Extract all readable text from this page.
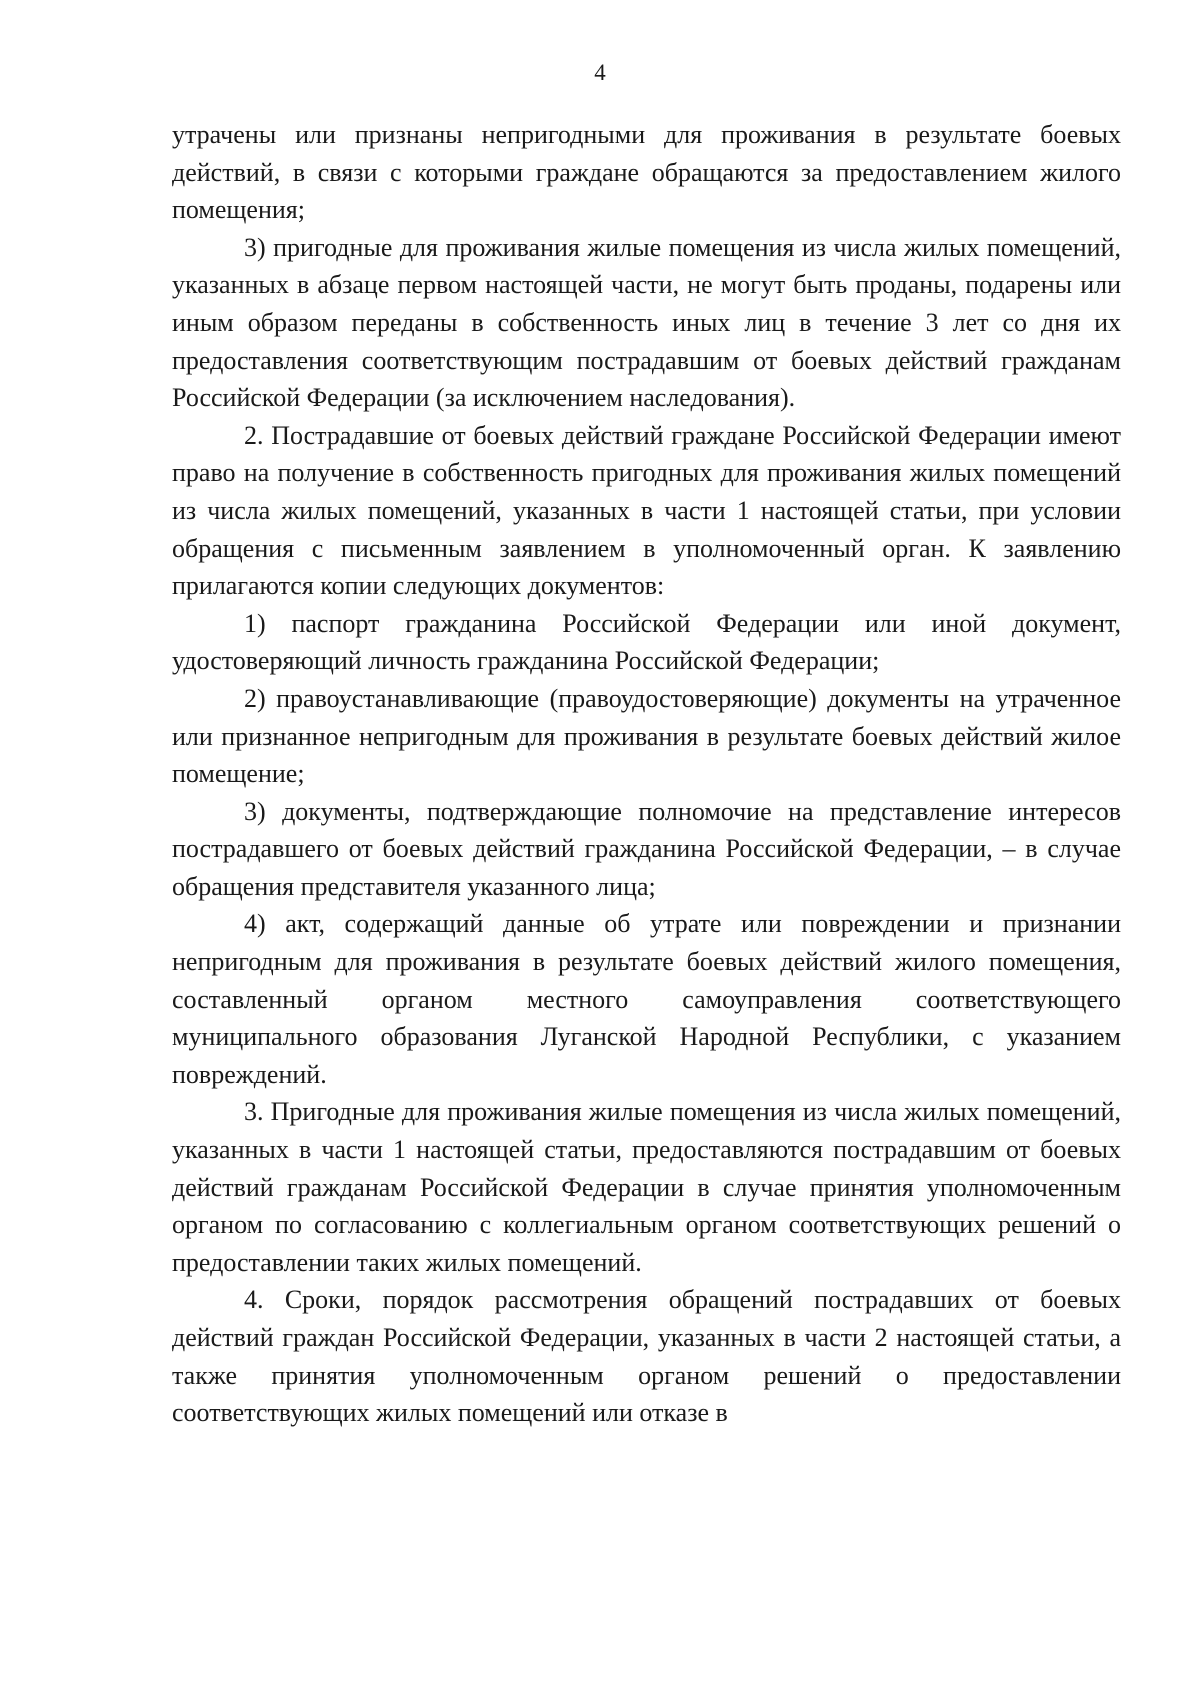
4

утрачены или признаны непригодными для проживания в результате боевых действий, в связи с которыми граждане обращаются за предоставлением жилого помещения;

3) пригодные для проживания жилые помещения из числа жилых помещений, указанных в абзаце первом настоящей части, не могут быть проданы, подарены или иным образом переданы в собственность иных лиц в течение 3 лет со дня их предоставления соответствующим пострадавшим от боевых действий гражданам Российской Федерации (за исключением наследования).

2. Пострадавшие от боевых действий граждане Российской Федерации имеют право на получение в собственность пригодных для проживания жилых помещений из числа жилых помещений, указанных в части 1 настоящей статьи, при условии обращения с письменным заявлением в уполномоченный орган. К заявлению прилагаются копии следующих документов:

1) паспорт гражданина Российской Федерации или иной документ, удостоверяющий личность гражданина Российской Федерации;

2) правоустанавливающие (правоудостоверяющие) документы на утраченное или признанное непригодным для проживания в результате боевых действий жилое помещение;

3) документы, подтверждающие полномочие на представление интересов пострадавшего от боевых действий гражданина Российской Федерации, – в случае обращения представителя указанного лица;

4) акт, содержащий данные об утрате или повреждении и признании непригодным для проживания в результате боевых действий жилого помещения, составленный органом местного самоуправления соответствующего муниципального образования Луганской Народной Республики, с указанием повреждений.

3. Пригодные для проживания жилые помещения из числа жилых помещений, указанных в части 1 настоящей статьи, предоставляются пострадавшим от боевых действий гражданам Российской Федерации в случае принятия уполномоченным органом по согласованию с коллегиальным органом соответствующих решений о предоставлении таких жилых помещений.

4. Сроки, порядок рассмотрения обращений пострадавших от боевых действий граждан Российской Федерации, указанных в части 2 настоящей статьи, а также принятия уполномоченным органом решений о предоставлении соответствующих жилых помещений или отказе в
